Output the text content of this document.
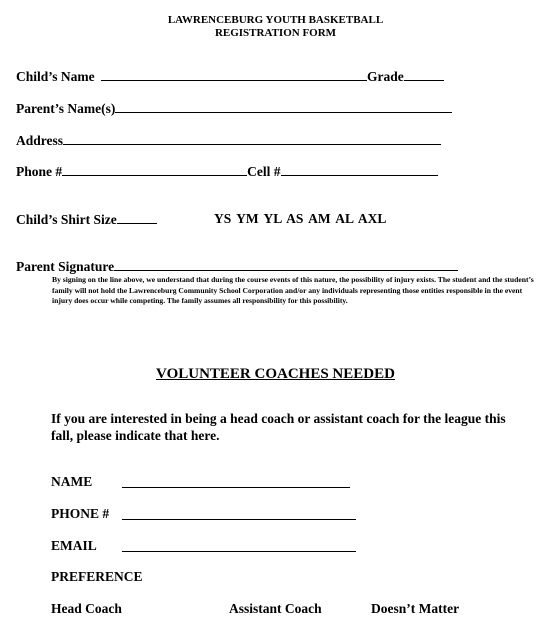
LAWRENCEBURG YOUTH BASKETBALL
REGISTRATION FORM
Child’s Name	Grade
Parent’s Name(s)
Address
Phone #	Cell #
Child’s Shirt Size	YS YM YL AS AM AL AXL
Parent Signature
By signing on the line above, we understand that during the course events of this nature, the possibility of injury exists. The student and the student’s family will not hold the Lawrenceburg Community School Corporation and/or any individuals representing those entities responsible in the event injury does occur while competing. The family assumes all responsibility for this possibility.
VOLUNTEER COACHES NEEDED
If you are interested in being a head coach or assistant coach for the league this fall, please indicate that here.
NAME
PHONE #
EMAIL
PREFERENCE
Head Coach	Assistant Coach	Doesn’t Matter
